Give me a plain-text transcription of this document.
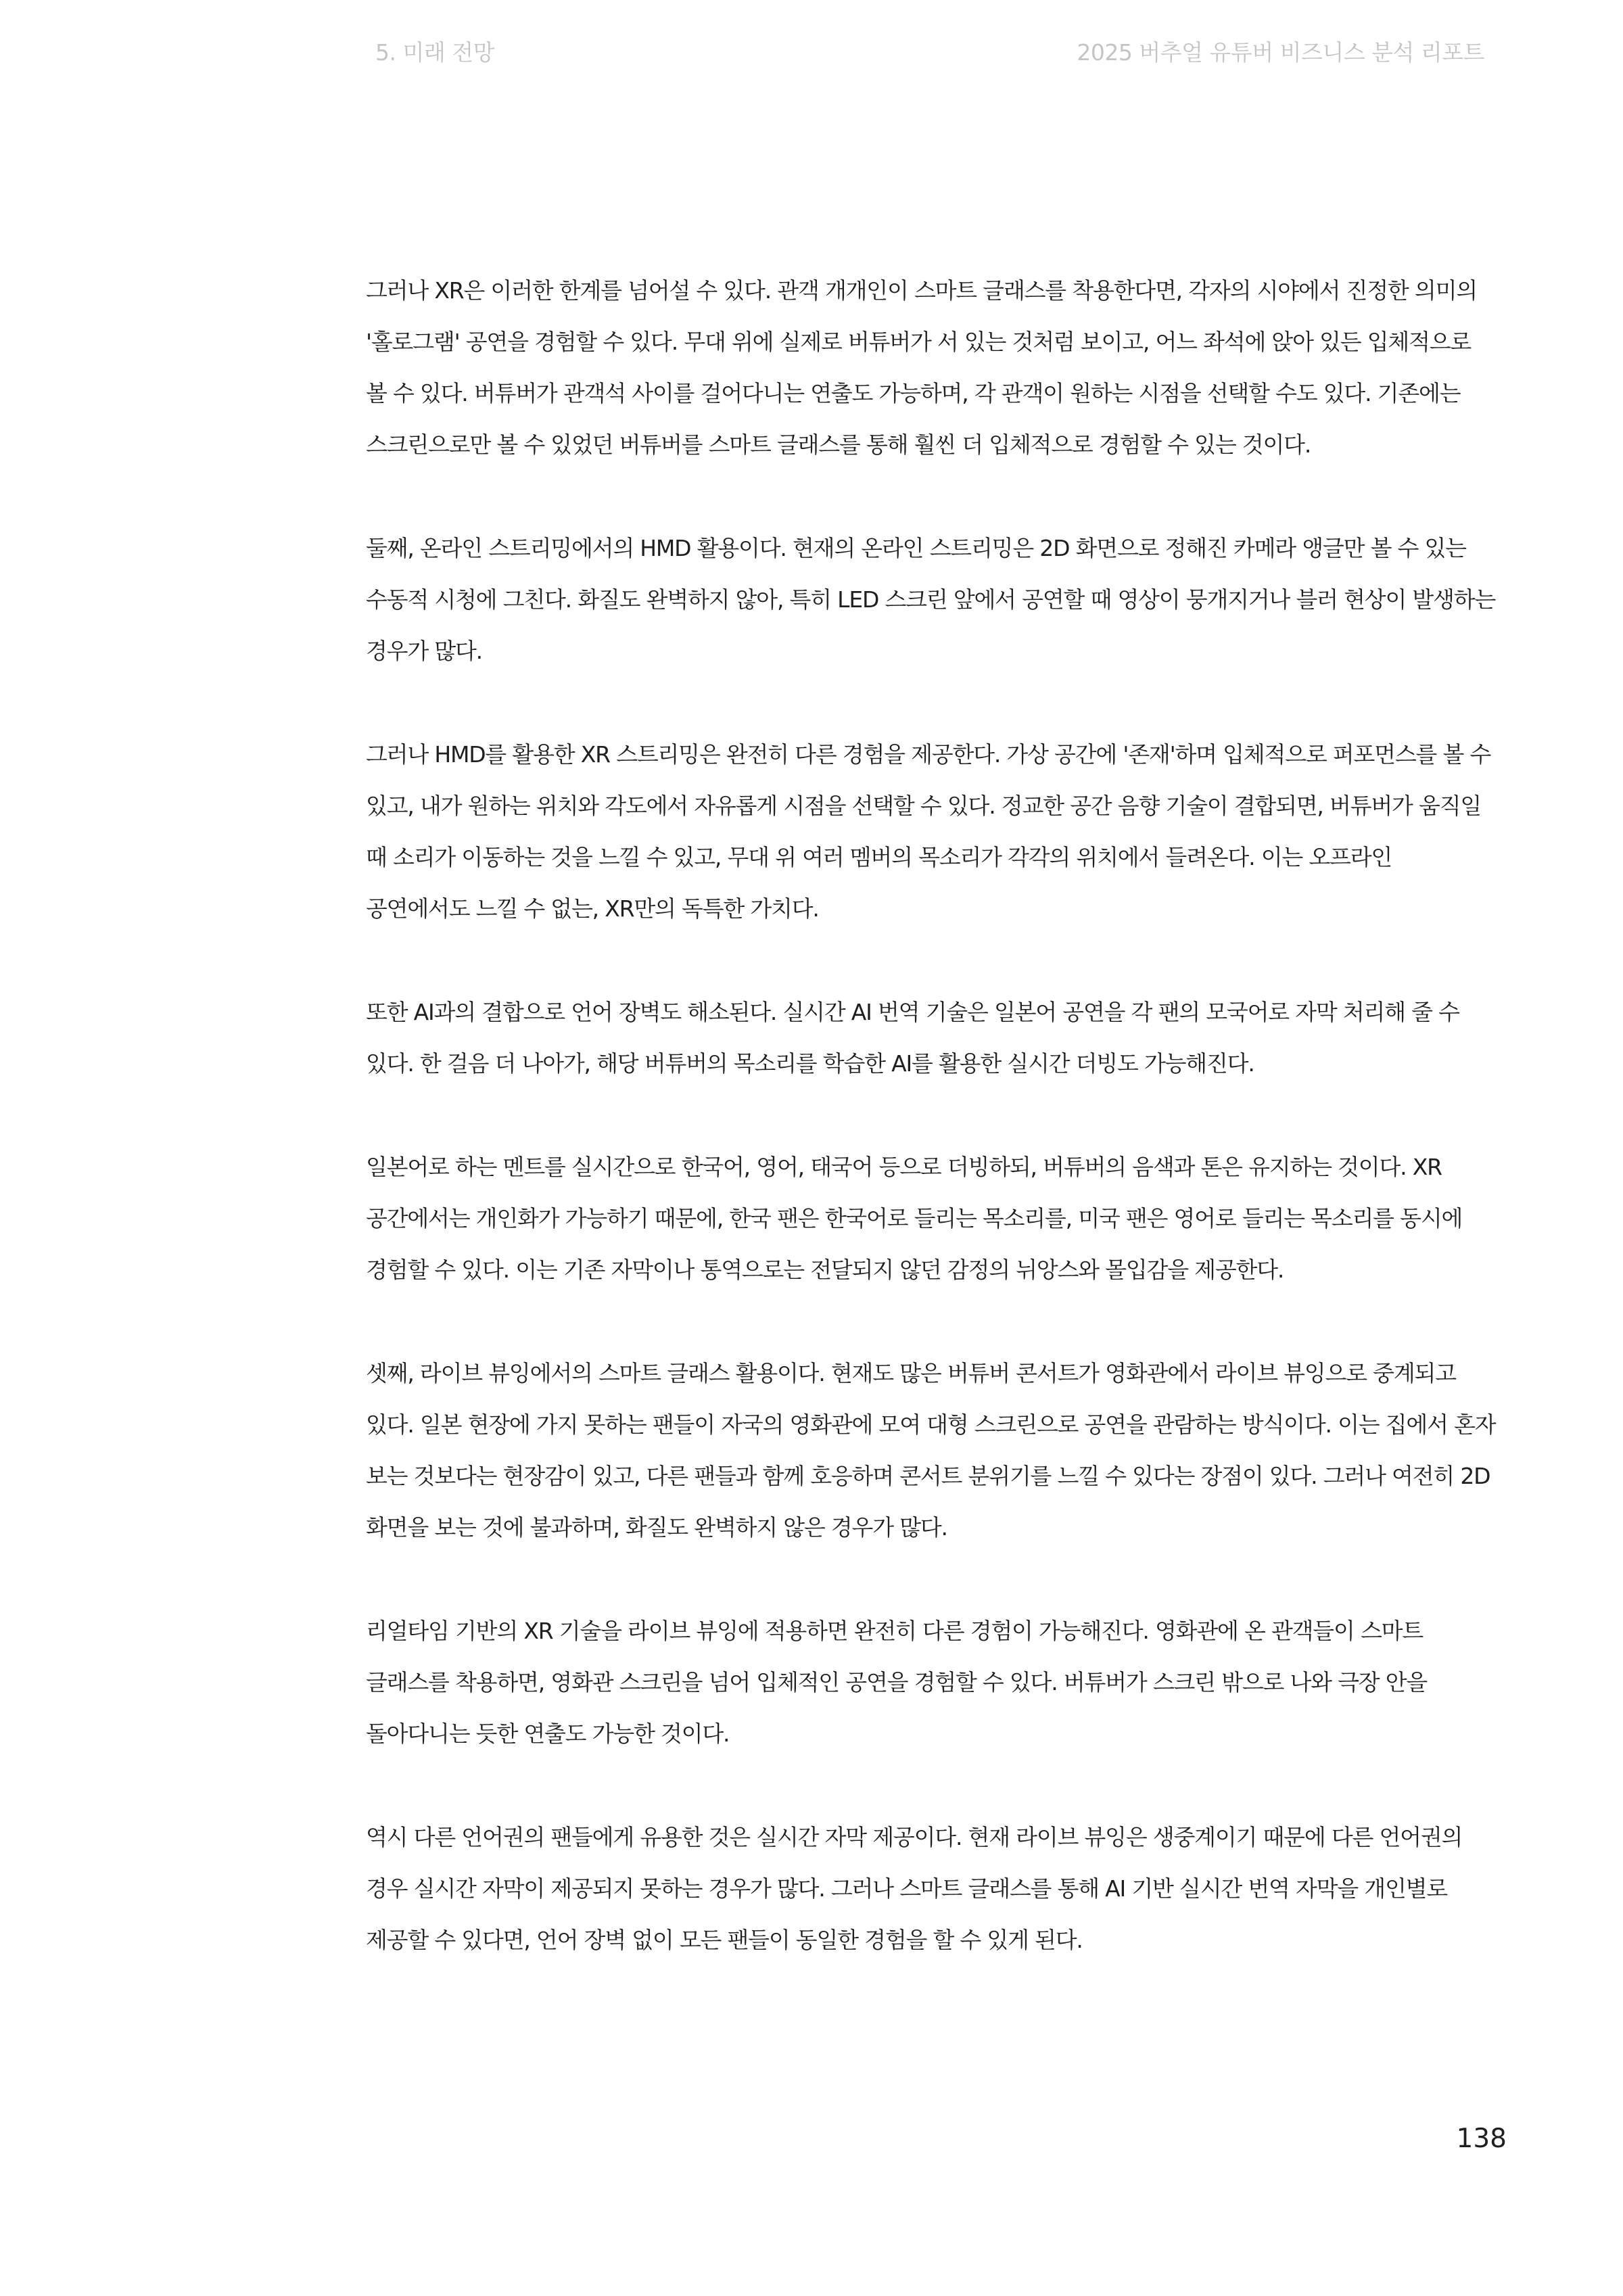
5. 미래 전망	2025 버추얼 유튜버 비즈니스 분석 리포트

그러나 XR은 이러한 한계를 넘어설 수 있다. 관객 개개인이 스마트 글래스를 착용한다면, 각자의 시야에서 진정한 의미의 '홀로그램' 공연을 경험할 수 있다. 무대 위에 실제로 버튜버가 서 있는 것처럼 보이고, 어느 좌석에 앉아 있든 입체적으로 볼 수 있다. 버튜버가 관객석 사이를 걸어다니는 연출도 가능하며, 각 관객이 원하는 시점을 선택할 수도 있다. 기존에는 스크린으로만 볼 수 있었던 버튜버를 스마트 글래스를 통해 훨씬 더 입체적으로 경험할 수 있는 것이다.

둘째, 온라인 스트리밍에서의 HMD 활용이다. 현재의 온라인 스트리밍은 2D 화면으로 정해진 카메라 앵글만 볼 수 있는 수동적 시청에 그친다. 화질도 완벽하지 않아, 특히 LED 스크린 앞에서 공연할 때 영상이 뭉개지거나 블러 현상이 발생하는 경우가 많다.

그러나 HMD를 활용한 XR 스트리밍은 완전히 다른 경험을 제공한다. 가상 공간에 '존재'하며 입체적으로 퍼포먼스를 볼 수 있고, 내가 원하는 위치와 각도에서 자유롭게 시점을 선택할 수 있다. 정교한 공간 음향 기술이 결합되면, 버튜버가 움직일 때 소리가 이동하는 것을 느낄 수 있고, 무대 위 여러 멤버의 목소리가 각각의 위치에서 들려온다. 이는 오프라인 공연에서도 느낄 수 없는, XR만의 독특한 가치다.

또한 AI과의 결합으로 언어 장벽도 해소된다. 실시간 AI 번역 기술은 일본어 공연을 각 팬의 모국어로 자막 처리해 줄 수 있다. 한 걸음 더 나아가, 해당 버튜버의 목소리를 학습한 AI를 활용한 실시간 더빙도 가능해진다.

일본어로 하는 멘트를 실시간으로 한국어, 영어, 태국어 등으로 더빙하되, 버튜버의 음색과 톤은 유지하는 것이다. XR 공간에서는 개인화가 가능하기 때문에, 한국 팬은 한국어로 들리는 목소리를, 미국 팬은 영어로 들리는 목소리를 동시에 경험할 수 있다. 이는 기존 자막이나 통역으로는 전달되지 않던 감정의 뉘앙스와 몰입감을 제공한다.

셋째, 라이브 뷰잉에서의 스마트 글래스 활용이다. 현재도 많은 버튜버 콘서트가 영화관에서 라이브 뷰잉으로 중계되고 있다. 일본 현장에 가지 못하는 팬들이 자국의 영화관에 모여 대형 스크린으로 공연을 관람하는 방식이다. 이는 집에서 혼자 보는 것보다는 현장감이 있고, 다른 팬들과 함께 호응하며 콘서트 분위기를 느낄 수 있다는 장점이 있다. 그러나 여전히 2D 화면을 보는 것에 불과하며, 화질도 완벽하지 않은 경우가 많다.

리얼타임 기반의 XR 기술을 라이브 뷰잉에 적용하면 완전히 다른 경험이 가능해진다. 영화관에 온 관객들이 스마트 글래스를 착용하면, 영화관 스크린을 넘어 입체적인 공연을 경험할 수 있다. 버튜버가 스크린 밖으로 나와 극장 안을 돌아다니는 듯한 연출도 가능한 것이다.

역시 다른 언어권의 팬들에게 유용한 것은 실시간 자막 제공이다. 현재 라이브 뷰잉은 생중계이기 때문에 다른 언어권의 경우 실시간 자막이 제공되지 못하는 경우가 많다. 그러나 스마트 글래스를 통해 AI 기반 실시간 번역 자막을 개인별로 제공할 수 있다면, 언어 장벽 없이 모든 팬들이 동일한 경험을 할 수 있게 된다.

138
